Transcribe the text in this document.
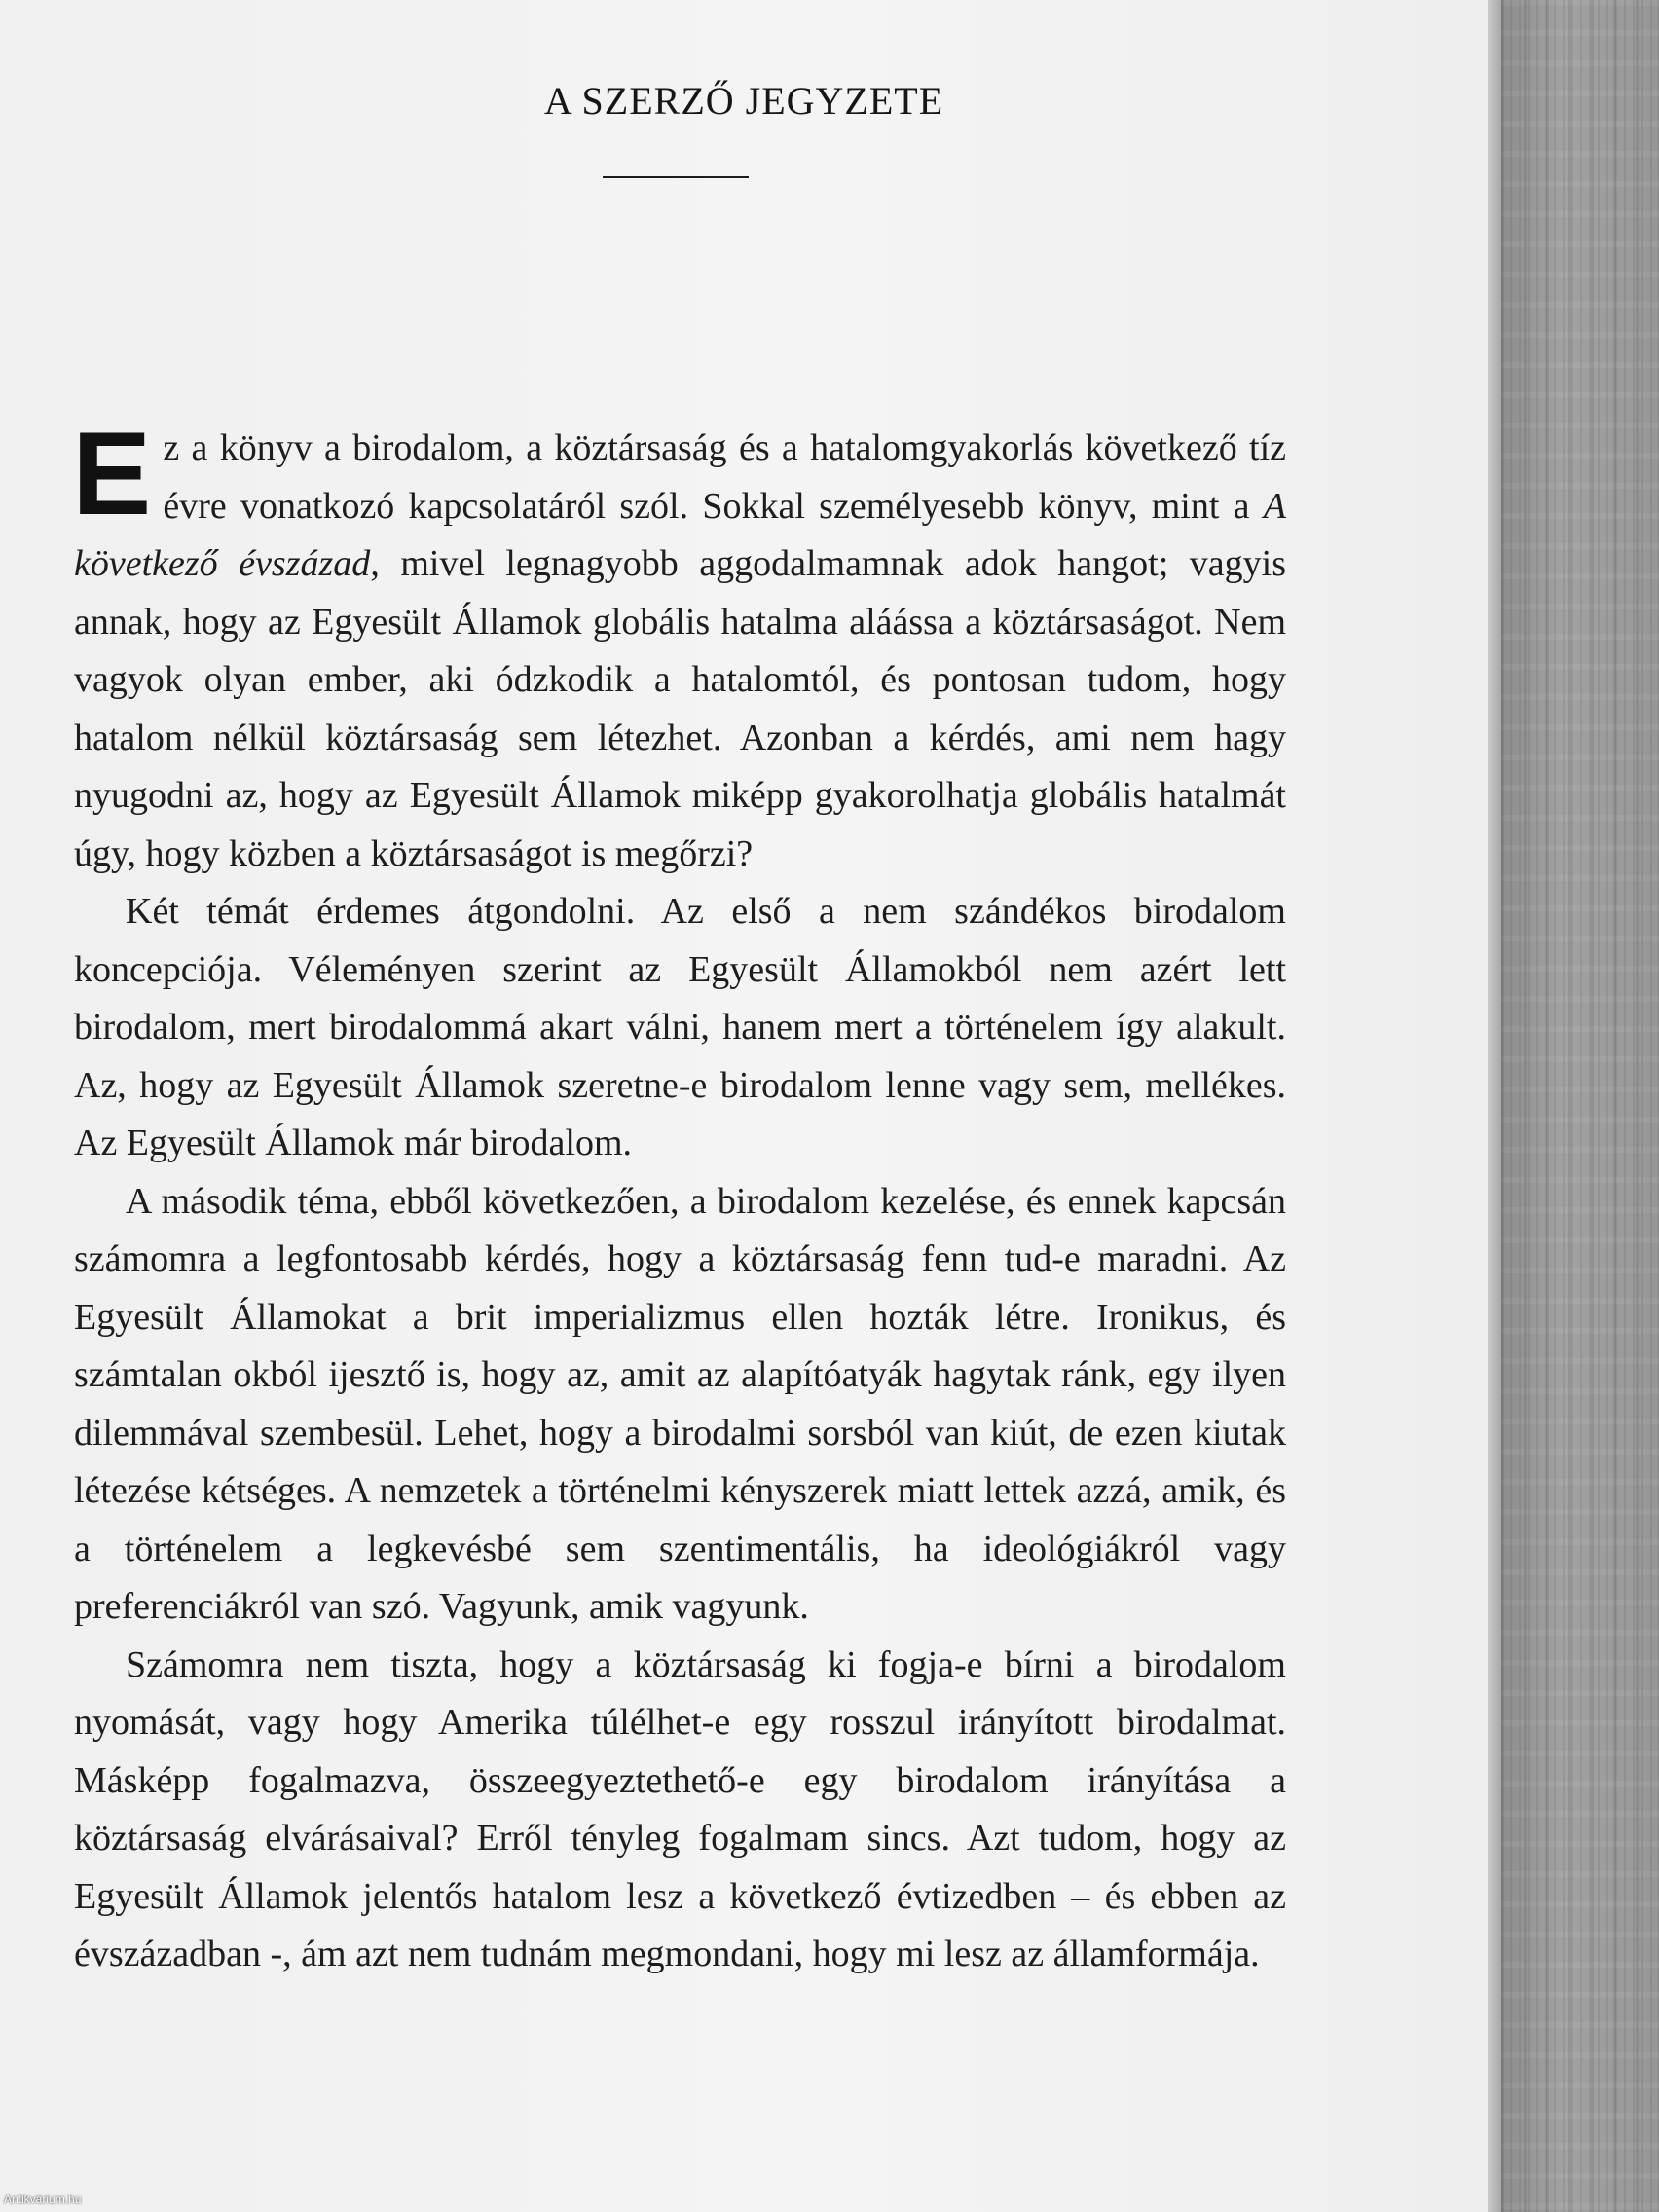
A SZERZŐ JEGYZETE

Ez a könyv a birodalom, a köztársaság és a hatalomgyakorlás következő tíz évre vonatkozó kapcsolatáról szól. Sokkal személyesebb könyv, mint a A következő évszázad, mivel legnagyobb aggodalmamnak adok hangot; vagyis annak, hogy az Egyesült Államok globális hatalma aláássa a köztársaságot. Nem vagyok olyan ember, aki ódzkodik a hatalomtól, és pontosan tudom, hogy hatalom nélkül köztársaság sem létezhet. Azonban a kérdés, ami nem hagy nyugodni az, hogy az Egyesült Államok miképp gyakorolhatja globális hatalmát úgy, hogy közben a köztársaságot is megőrzi?

Két témát érdemes átgondolni. Az első a nem szándékos birodalom koncepciója. Véleményen szerint az Egyesült Államokból nem azért lett birodalom, mert birodalommá akart válni, hanem mert a történelem így alakult. Az, hogy az Egyesült Államok szeretne-e birodalom lenne vagy sem, mellékes. Az Egyesült Államok már birodalom.

A második téma, ebből következően, a birodalom kezelése, és ennek kapcsán számomra a legfontosabb kérdés, hogy a köztársaság fenn tud-e maradni. Az Egyesült Államokat a brit imperializmus ellen hozták létre. Ironikus, és számtalan okból ijesztő is, hogy az, amit az alapítóatyák hagytak ránk, egy ilyen dilemmával szembesül. Lehet, hogy a birodalmi sorsból van kiút, de ezen kiutak létezése kétséges. A nemzetek a történelmi kényszerek miatt lettek azzá, amik, és a történelem a legkevésbé sem szentimentális, ha ideológiákról vagy preferenciákról van szó. Vagyunk, amik vagyunk.

Számomra nem tiszta, hogy a köztársaság ki fogja-e bírni a birodalom nyomását, vagy hogy Amerika túlélhet-e egy rosszul irányított birodalmat. Másképp fogalmazva, összeegyeztethető-e egy birodalom irányítása a köztársaság elvárásaival? Erről tényleg fogalmam sincs. Azt tudom, hogy az Egyesült Államok jelentős hatalom lesz a következő évtizedben – és ebben az évszázadban -, ám azt nem tudnám megmondani, hogy mi lesz az államformája.

Antikvárium.hu
